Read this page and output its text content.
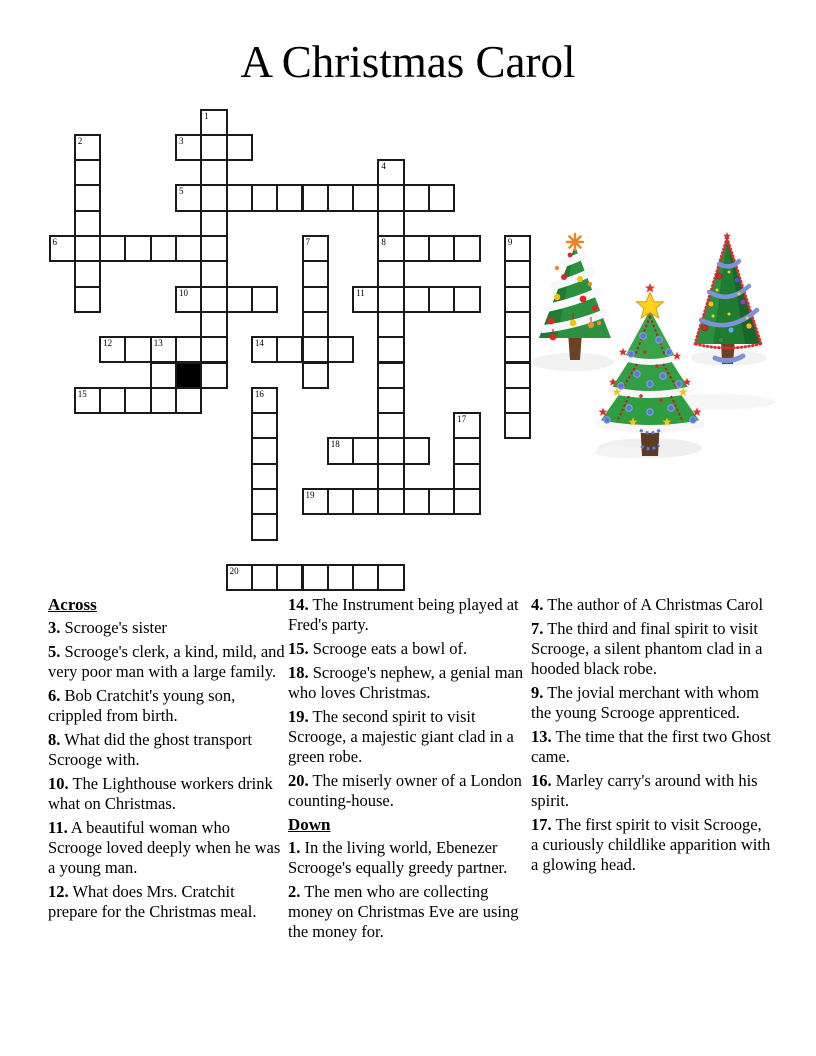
A Christmas Carol
3
5
6	8
10	11
12	13	14
15
18
19
20
1
2
4
7	9
16
17

Across

3. Scrooge's sister

5. Scrooge's clerk, a kind, mild, and very poor man with a large family.

6. Bob Cratchit's young son, crippled from birth.

8. What did the ghost transport Scrooge with.

10. The Lighthouse workers drink what on Christmas.

11. A beautiful woman who Scrooge loved deeply when he was a young man.

12. What does Mrs. Cratchit prepare for the Christmas meal.

14. The Instrument being played at Fred's party.

15. Scrooge eats a bowl of.

18. Scrooge's nephew, a genial man who loves Christmas.

19. The second spirit to visit Scrooge, a majestic giant clad in a green robe.

20. The miserly owner of a London counting-house.

Down

1. In the living world, Ebenezer Scrooge's equally greedy partner.

2. The men who are collecting money on Christmas Eve are using the money for.

4. The author of A Christmas Carol

7. The third and final spirit to visit Scrooge, a silent phantom clad in a hooded black robe.

9. The jovial merchant with whom the young Scrooge apprenticed.

13. The time that the first two Ghost came.

16. Marley carry's around with his spirit.

17. The first spirit to visit Scrooge, a curiously childlike apparition with a glowing head.
